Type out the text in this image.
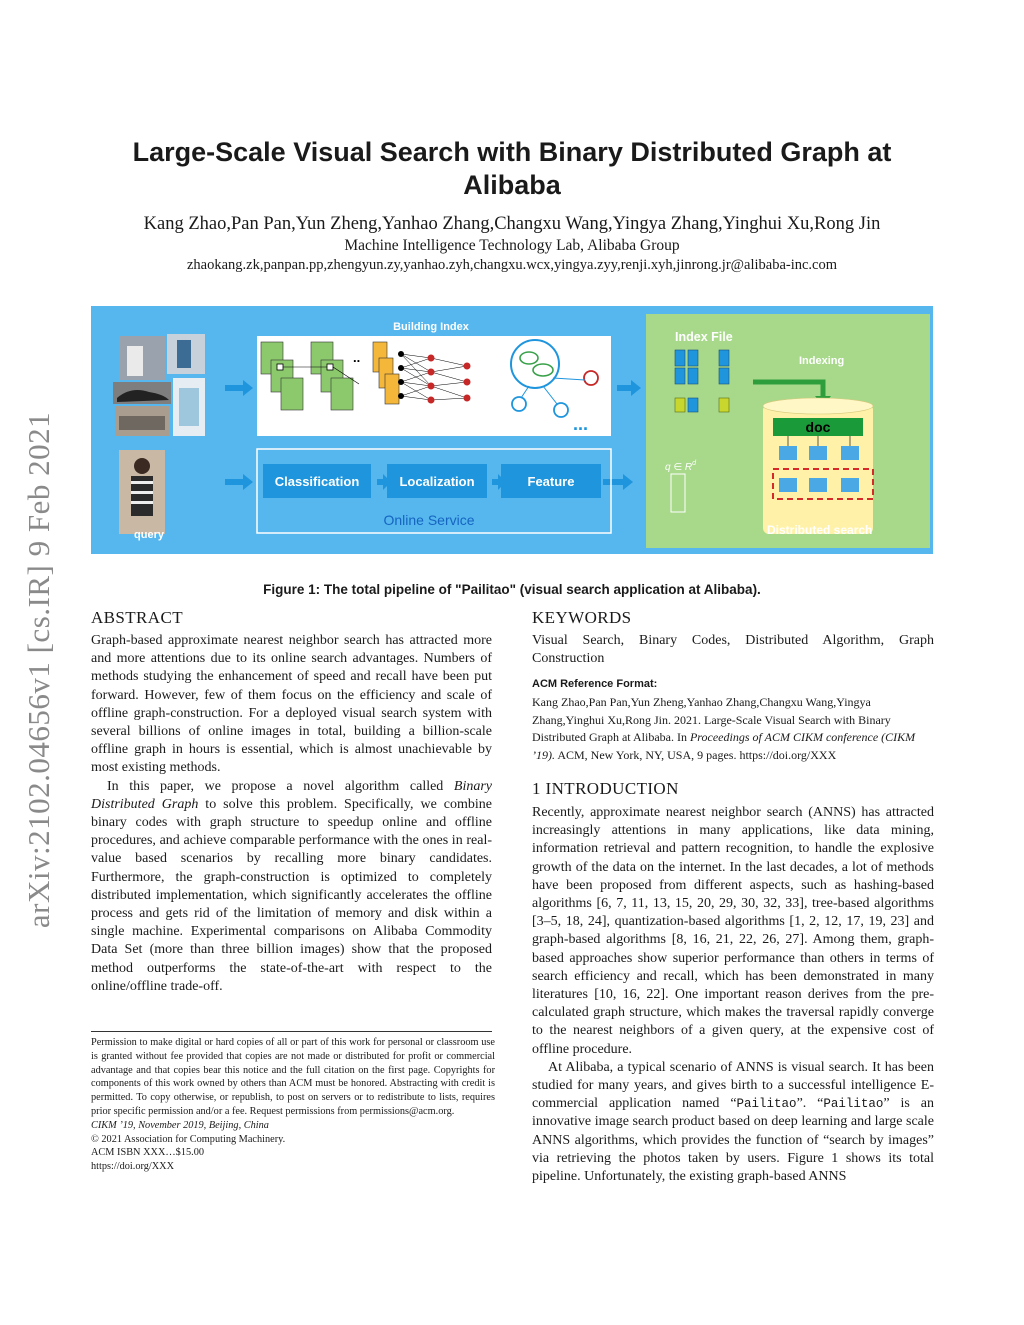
arXiv:2102.04656v1 [cs.IR] 9 Feb 2021
Large-Scale Visual Search with Binary Distributed Graph at
Alibaba
Kang Zhao,Pan Pan,Yun Zheng,Yanhao Zhang,Changxu Wang,Yingya Zhang,Yinghui Xu,Rong Jin
Machine Intelligence Technology Lab, Alibaba Group
zhaokang.zk,panpan.pp,zhengyun.zy,yanhao.zyh,changxu.wcx,yingya.zyy,renji.xyh,jinrong.jr@alibaba-inc.com
query
Building Index
..
...
Classification	Localization	Feature
Online Service
Index File
Indexing
doc
q ∈ $R^d$
Distributed search
Figure 1: The total pipeline of "Pailitao" (visual search application at Alibaba).
ABSTRACT

Graph-based approximate nearest neighbor search has attracted more and more attentions due to its online search advantages. Numbers of methods studying the enhancement of speed and recall have been put forward. However, few of them focus on the efficiency and scale of offline graph-construction. For a deployed visual search system with several billions of online images in total, building a billion-scale offline graph in hours is essential, which is almost unachievable by most existing methods.

In this paper, we propose a novel algorithm called Binary Distributed Graph to solve this problem. Specifically, we combine binary codes with graph structure to speedup online and offline procedures, and achieve comparable performance with the ones in real-value based scenarios by recalling more binary candidates. Furthermore, the graph-construction is optimized to completely distributed implementation, which significantly accelerates the offline process and gets rid of the limitation of memory and disk within a single machine. Experimental comparisons on Alibaba Commodity Data Set (more than three billion images) show that the proposed method outperforms the state-of-the-art with respect to the online/offline trade-off.

Permission to make digital or hard copies of all or part of this work for personal or classroom use is granted without fee provided that copies are not made or distributed for profit or commercial advantage and that copies bear this notice and the full citation on the first page. Copyrights for components of this work owned by others than ACM must be honored. Abstracting with credit is permitted. To copy otherwise, or republish, to post on servers or to redistribute to lists, requires prior specific permission and/or a fee. Request permissions from permissions@acm.org.
CIKM ’19, November 2019, Beijing, China
© 2021 Association for Computing Machinery.
ACM ISBN XXX…$15.00
https://doi.org/XXX
KEYWORDS
Visual Search, Binary Codes, Distributed Algorithm, Graph Construction
ACM Reference Format:
Kang Zhao,Pan Pan,Yun Zheng,Yanhao Zhang,Changxu Wang,Yingya Zhang,Yinghui Xu,Rong Jin. 2021. Large-Scale Visual Search with Binary Distributed Graph at Alibaba. In Proceedings of ACM CIKM conference (CIKM ’19). ACM, New York, NY, USA, 9 pages. https://doi.org/XXX
1 INTRODUCTION

Recently, approximate nearest neighbor search (ANNS) has attracted increasingly attentions in many applications, like data mining, information retrieval and pattern recognition, to handle the explosive growth of the data on the internet. In the last decades, a lot of methods have been proposed from different aspects, such as hashing-based algorithms [6, 7, 11, 13, 15, 20, 29, 30, 32, 33], tree-based algorithms [3–5, 18, 24], quantization-based algorithms [1, 2, 12, 17, 19, 23] and graph-based algorithms [8, 16, 21, 22, 26, 27]. Among them, graph-based approaches show superior performance than others in terms of search efficiency and recall, which has been demonstrated in many literatures [10, 16, 22]. One important reason derives from the pre-calculated graph structure, which makes the traversal rapidly converge to the nearest neighbors of a given query, at the expensive cost of offline procedure.

At Alibaba, a typical scenario of ANNS is visual search. It has been studied for many years, and gives birth to a successful intelligence E-commercial application named “Pailitao”. “Pailitao” is an innovative image search product based on deep learning and large scale ANNS algorithms, which provides the function of “search by images” via retrieving the photos taken by users. Figure 1 shows its total pipeline. Unfortunately, the existing graph-based ANNS
